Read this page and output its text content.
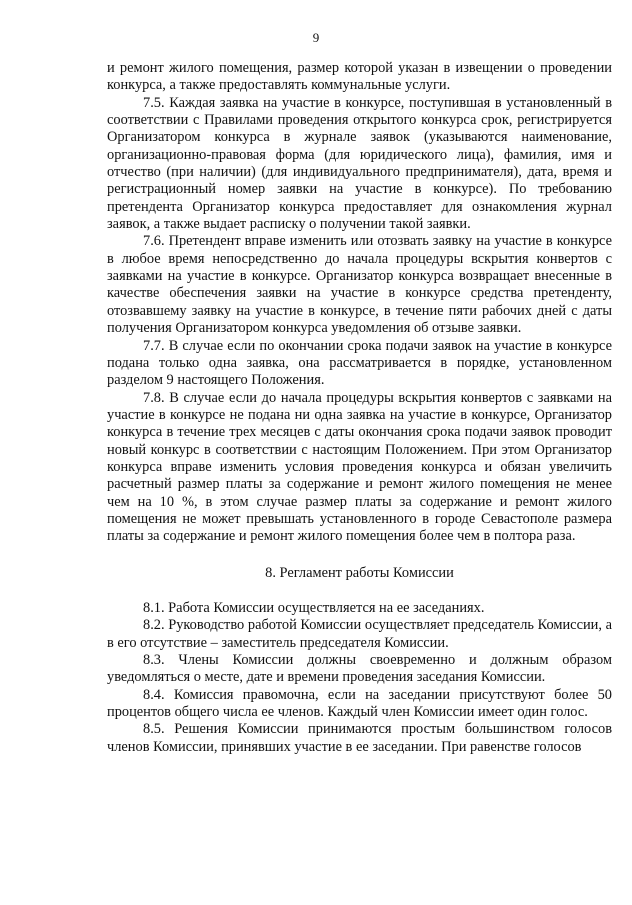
9

и ремонт жилого помещения, размер которой указан в извещении о проведении конкурса, а также предоставлять коммунальные услуги.

7.5. Каждая заявка на участие в конкурсе, поступившая в установленный в соответствии с Правилами проведения открытого конкурса срок, регистрируется Организатором конкурса в журнале заявок (указываются наименование, организационно-правовая форма (для юридического лица), фамилия, имя и отчество (при наличии) (для индивидуального предпринимателя), дата, время и регистрационный номер заявки на участие в конкурсе). По требованию претендента Организатор конкурса предоставляет для ознакомления журнал заявок, а также выдает расписку о получении такой заявки.

7.6. Претендент вправе изменить или отозвать заявку на участие в конкурсе в любое время непосредственно до начала процедуры вскрытия конвертов с заявками на участие в конкурсе. Организатор конкурса возвращает внесенные в качестве обеспечения заявки на участие в конкурсе средства претенденту, отозвавшему заявку на участие в конкурсе, в течение пяти рабочих дней с даты получения Организатором конкурса уведомления об отзыве заявки.

7.7. В случае если по окончании срока подачи заявок на участие в конкурсе подана только одна заявка, она рассматривается в порядке, установленном разделом 9 настоящего Положения.

7.8. В случае если до начала процедуры вскрытия конвертов с заявками на участие в конкурсе не подана ни одна заявка на участие в конкурсе, Организатор конкурса в течение трех месяцев с даты окончания срока подачи заявок проводит новый конкурс в соответствии с настоящим Положением. При этом Организатор конкурса вправе изменить условия проведения конкурса и обязан увеличить расчетный размер платы за содержание и ремонт жилого помещения не менее чем на 10 %, в этом случае размер платы за содержание и ремонт жилого помещения не может превышать установленного в городе Севастополе размера платы за содержание и ремонт жилого помещения более чем в полтора раза.

8. Регламент работы Комиссии

8.1. Работа Комиссии осуществляется на ее заседаниях.

8.2. Руководство работой Комиссии осуществляет председатель Комиссии, а в его отсутствие – заместитель председателя Комиссии.

8.3. Члены Комиссии должны своевременно и должным образом уведомляться о месте, дате и времени проведения заседания Комиссии.

8.4. Комиссия правомочна, если на заседании присутствуют более 50 процентов общего числа ее членов. Каждый член Комиссии имеет один голос.

8.5. Решения Комиссии принимаются простым большинством голосов членов Комиссии, принявших участие в ее заседании. При равенстве голосов
